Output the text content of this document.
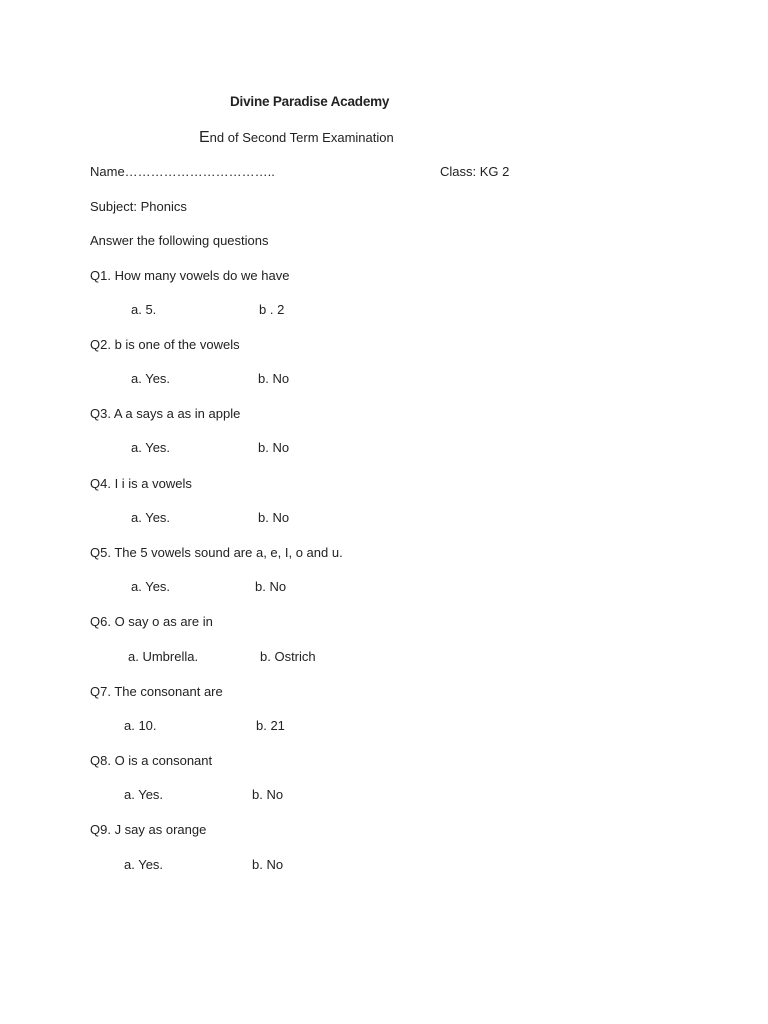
Divine Paradise Academy
End of Second Term Examination
Name……………………………..	Class: KG 2
Subject: Phonics
Answer the following questions
Q1. How many vowels do we have
a. 5.	b . 2
Q2. b is one of the vowels
a. Yes.	b. No
Q3. A a says a as in apple
a. Yes.	b. No
Q4. I i is a vowels
a. Yes.	b. No
Q5. The 5 vowels sound are a, e, I, o and u.
a. Yes.	b. No
Q6. O say o as are in
a. Umbrella.	b. Ostrich
Q7. The consonant are
a. 10.	b. 21
Q8. O is a consonant
a. Yes.	b. No
Q9. J say as orange
a. Yes.	b. No
